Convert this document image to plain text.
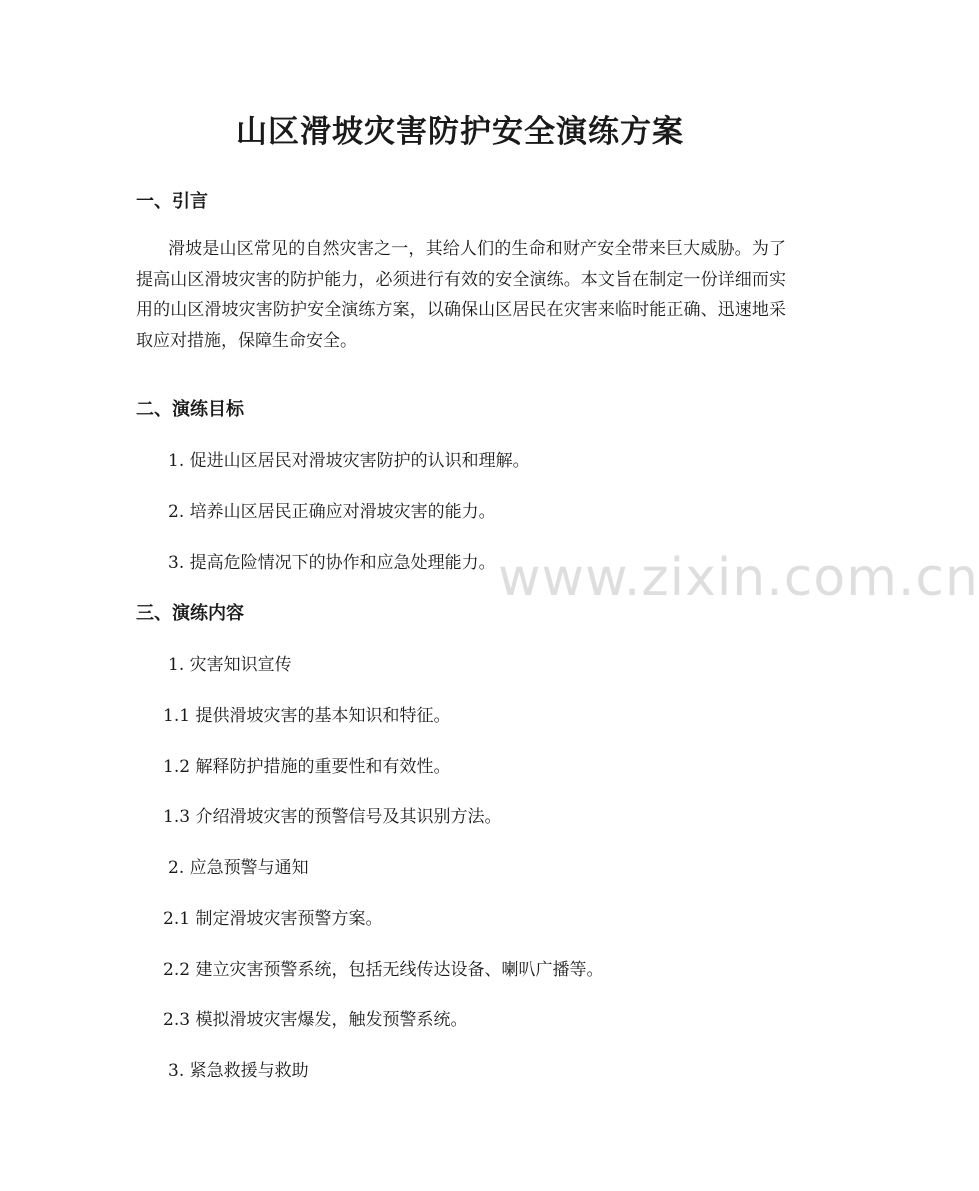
山区滑坡灾害防护安全演练方案
一、引言
滑坡是山区常见的自然灾害之一，其给人们的生命和财产安全带来巨大威胁。为了提高山区滑坡灾害的防护能力，必须进行有效的安全演练。本文旨在制定一份详细而实用的山区滑坡灾害防护安全演练方案，以确保山区居民在灾害来临时能正确、迅速地采取应对措施，保障生命安全。
二、演练目标
1. 促进山区居民对滑坡灾害防护的认识和理解。
2. 培养山区居民正确应对滑坡灾害的能力。
3. 提高危险情况下的协作和应急处理能力。
三、演练内容
1. 灾害知识宣传
1.1 提供滑坡灾害的基本知识和特征。
1.2 解释防护措施的重要性和有效性。
1.3 介绍滑坡灾害的预警信号及其识别方法。
2. 应急预警与通知
2.1 制定滑坡灾害预警方案。
2.2 建立灾害预警系统，包括无线传达设备、喇叭广播等。
2.3 模拟滑坡灾害爆发，触发预警系统。
3. 紧急救援与救助
www.zixin.com.cn
